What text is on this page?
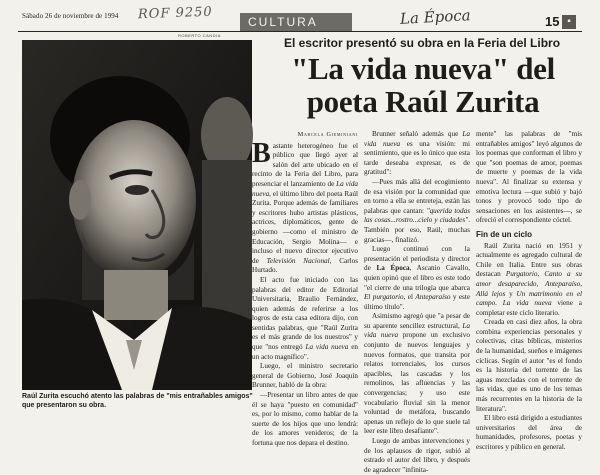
Sábado 26 de noviembre de 1994 ROF 9250	CULTURA	La Época	15 ▪
ROBERTO CANDIA
Raúl Zurita escuchó atento las palabras de "mis entrañables amigos" que presentaron su obra.
El escritor presentó su obra en la Feria del Libro
"La vida nueva" del poeta Raúl Zurita
Marcela Gieminiani

Bastante heterogéneo fue el público que llegó ayer al salón del arte ubicado en el recinto de la Feria del Libro, para presenciar el lanzamiento de La vida nueva, el último libro del poeta Raúl Zurita. Porque además de familiares y escritores hubo artistas plásticos, actrices, diplomáticos, gente de gobierno —como el ministro de Educación, Sergio Molina— e incluso el nuevo director ejecutivo de Televisión Nacional, Carlos Hurtado.

El acto fue iniciado con las palabras del editor de Editorial Universitaria, Braulio Fernández, quien además de referirse a los logros de esta casa editora dijo, con sentidas palabras, que "Raúl Zurita es el más grande de los nuestros" y que "nos entregó La vida nueva en un acto magnífico".

Luego, el ministro secretario general de Gobierno, José Joaquín Brunner, habló de la obra:

—Presentar un libro antes de que él se haya "puesto en comunidad" es, por lo mismo, como hablar de la suerte de los hijos que uno lendrá: de los amores venideros; de la fortuna que nos depara el destino.

Brunner señaló además que La vida nueva es una visión: mi sentimiento, que es lo único que esta tarde deseaba expresar, es de gratitud":

—Pues más allá del ecogimiento de esa visión por la comunidad que en torno a ella se entreteja, están las palabras que cantan: "querida todas las cosas...rostro...cielo y ciudades". También por eso, Raúl, muchas gracias—, finalizó.

Luego continuó con la presentación el periodista y director de La Época, Ascanio Cavallo, quien opinó que el libro es este todo "el cierre de una trilogía que abarca El purgatorio, el Anteparaíso y este último título".

Asimismo agregó que "a pesar de su aparente sencillez estructural, La vida nueva propone un exclusivo conjunto de nuevos lenguajes y nuevos formatos, que transita por relatos torrenciales, los cursos apacibles, las cascadas y los remolinos, las afluencias y las convergencias; y uso este vocabulario fluvial sin la menor voluntad de metáfora, buscando apenas un reflejo de lo que suele tal leer este libro desafiante".

Luego de ambas intervenciones y de los aplausos de rigor, subió al estrado el autor del libro, y después de agradecer "infinita-

mente" las palabras de "mis entrañables amigos" leyó algunos de los poemas que conforman el libro y que "son poemas de amor, poemas de muerte y poemas de la vida nueva". Al finalizar su extensa y emotiva lectura —que subió y bajó tonos y provocó todo tipo de sensaciones en los asistentes—, se ofreció el correspondiente cóctel.

Fin de un ciclo

Raúl Zurita nació en 1951 y actualmente es agregado cultural de Chile en Italia. Entre sus obras destacan Purgatorio, Canto a su amor desaparecido, Anteparaíso, Allá lejos y Un matrimonio en el campo. La vida nueva viene a completar este ciclo literario.

Creada en casi diez años, la obra combina experiencias personales y colectivas, citas bíblicas, misterios de la humanidad, sueños e imágenes cíclicas. Según el autor "es el fondo es la historia del torrente de las aguas mezcladas con el torrente de las vidas, que es uno de los temas más recurrentes en la historia de la literatura".

El libro está dirigido a estudiantes universitarios del área de humanidades, profesores, poetas y escritores y público en general.
